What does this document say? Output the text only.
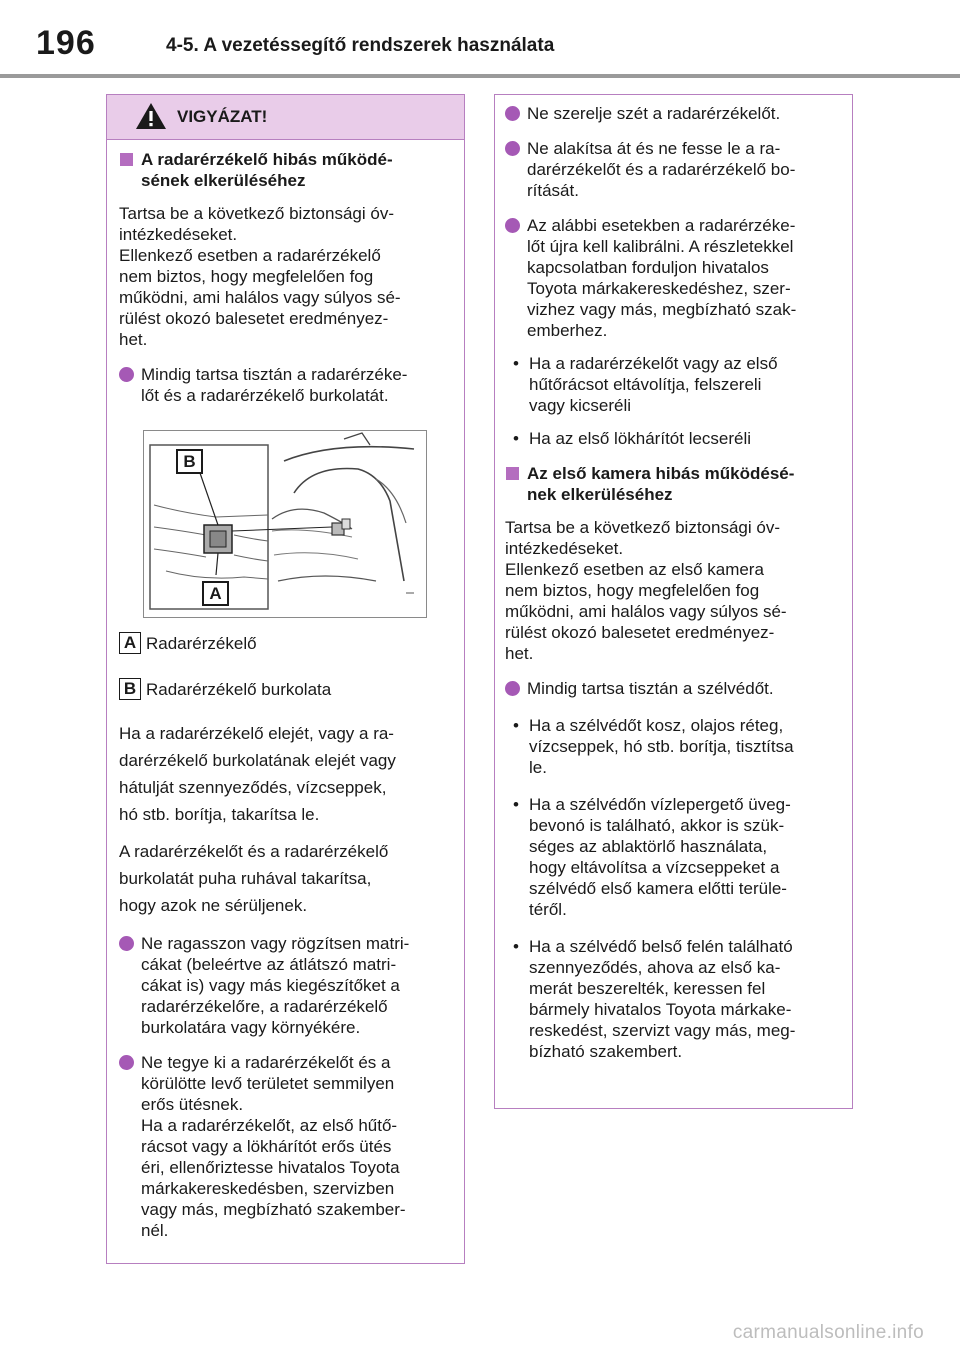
196	4-5. A vezetéssegítő rendszerek használata
VIGYÁZAT!

A radarérzékelő hibás működé-
sének elkerüléséhez

Tartsa be a következő biztonsági óv-
intézkedéseket.
Ellenkező esetben a radarérzékelő
nem biztos, hogy megfelelően fog
működni, ami halálos vagy súlyos sé-
rülést okozó balesetet eredményez-
het.

Mindig tartsa tisztán a radarérzéke-
lőt és a radarérzékelő burkolatát.

B
A
A Radarérzékelő
B Radarérzékelő burkolata

Ha a radarérzékelő elejét, vagy a ra-
darérzékelő burkolatának elejét vagy
hátulját szennyeződés, vízcseppek,
hó stb. borítja, takarítsa le.

A radarérzékelőt és a radarérzékelő
burkolatát puha ruhával takarítsa,
hogy azok ne sérüljenek.

Ne ragasszon vagy rögzítsen matri-
cákat (beleértve az átlátszó matri-
cákat is) vagy más kiegészítőket a
radarérzékelőre, a radarérzékelő
burkolatára vagy környékére.

Ne tegye ki a radarérzékelőt és a
körülötte levő területet semmilyen
erős ütésnek.
Ha a radarérzékelőt, az első hűtő-
rácsot vagy a lökhárítót erős ütés
éri, ellenőriztesse hivatalos Toyota
márkakereskedésben, szervizben
vagy más, megbízható szakember-
nél.

Ne szerelje szét a radarérzékelőt.

Ne alakítsa át és ne fesse le a ra-
darérzékelőt és a radarérzékelő bo-
rítását.

Az alábbi esetekben a radarérzéke-
lőt újra kell kalibrálni. A részletekkel
kapcsolatban forduljon hivatalos
Toyota márkakereskedéshez, szer-
vizhez vagy más, megbízható szak-
emberhez.

• Ha a radarérzékelőt vagy az első
hűtőrácsot eltávolítja, felszereli
vagy kicseréli

• Ha az első lökhárítót lecseréli

Az első kamera hibás működésé-
nek elkerüléséhez

Tartsa be a következő biztonsági óv-
intézkedéseket.
Ellenkező esetben az első kamera
nem biztos, hogy megfelelően fog
működni, ami halálos vagy súlyos sé-
rülést okozó balesetet eredményez-
het.

Mindig tartsa tisztán a szélvédőt.

• Ha a szélvédőt kosz, olajos réteg,
vízcseppek, hó stb. borítja, tisztítsa
le.

• Ha a szélvédőn vízlepergető üveg-
bevonó is található, akkor is szük-
séges az ablaktörlő használata,
hogy eltávolítsa a vízcseppeket a
szélvédő első kamera előtti terüle-
téről.

• Ha a szélvédő belső felén található
szennyeződés, ahova az első ka-
merát beszerelték, keressen fel
bármely hivatalos Toyota márkake-
reskedést, szervizt vagy más, meg-
bízható szakembert.

carmanualsonline.info
